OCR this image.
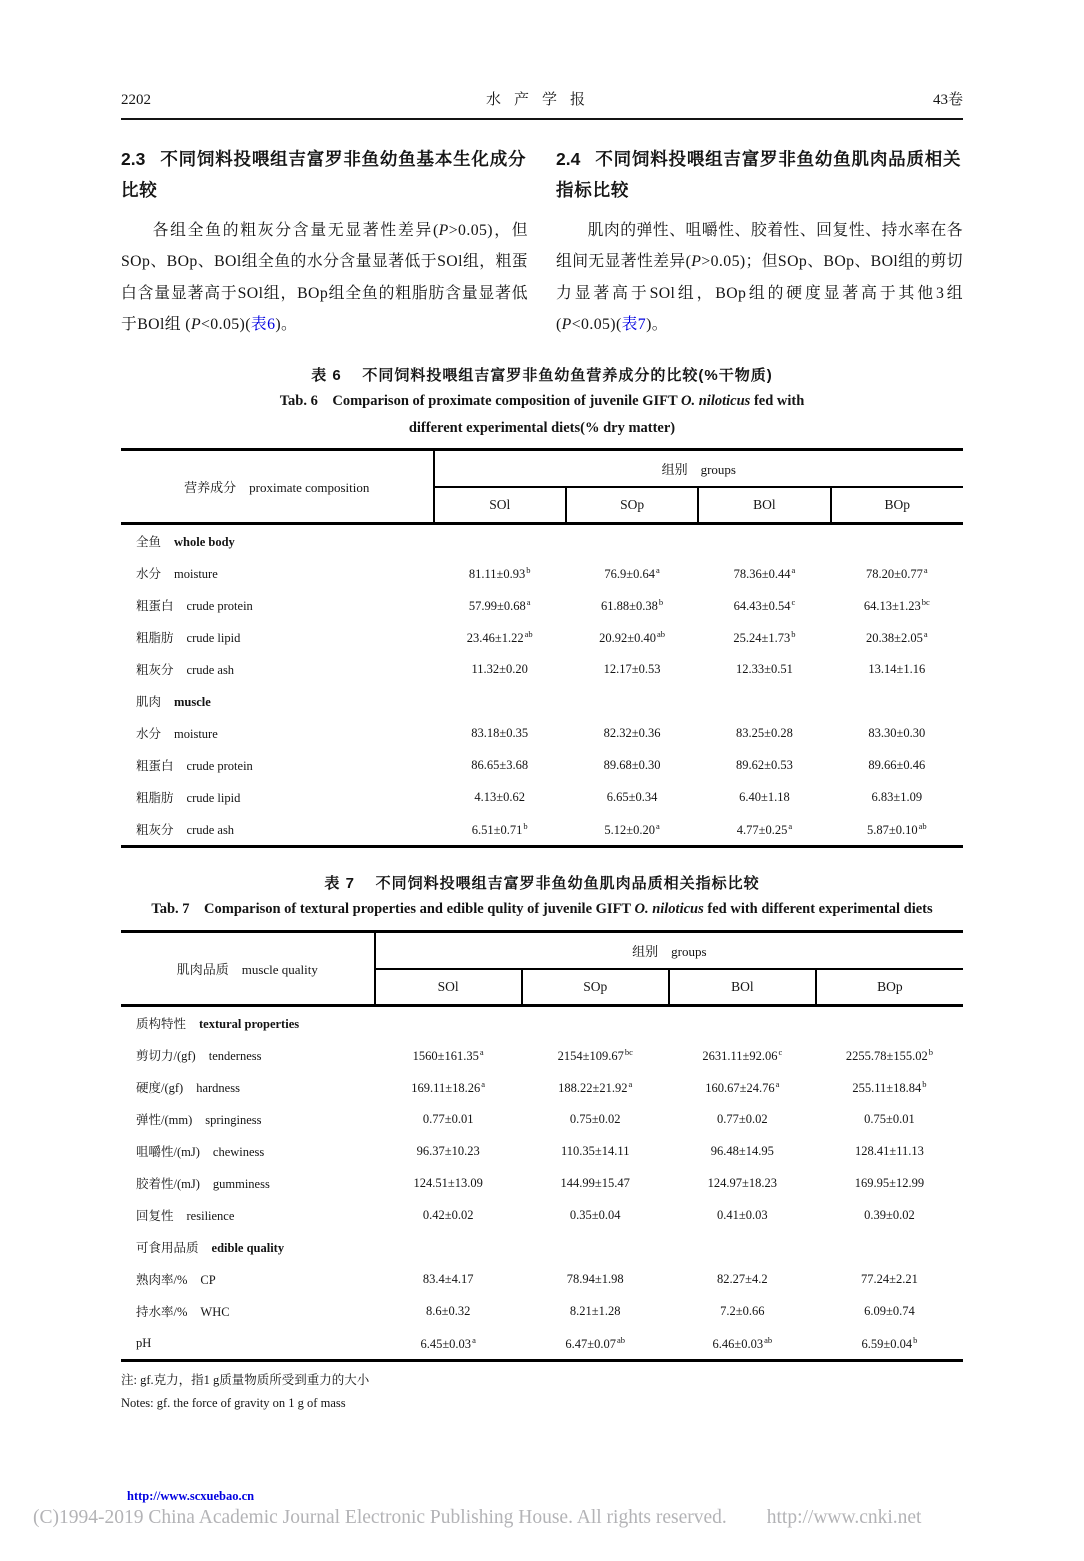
2202	水产学报	43卷
2.3 不同饲料投喂组吉富罗非鱼幼鱼基本生化成分比较

各组全鱼的粗灰分含量无显著性差异(P>0.05)，但SOp、BOp、BOl组全鱼的水分含量显著低于SOl组，粗蛋白含量显著高于SOl组，BOp组全鱼的粗脂肪含量显著低于BOl组 (P<0.05)(表6)。

2.4 不同饲料投喂组吉富罗非鱼幼鱼肌肉品质相关指标比较

肌肉的弹性、咀嚼性、胶着性、回复性、持水率在各组间无显著性差异(P>0.05)；但SOp、BOp、BOl组的剪切力显著高于SOl组，BOp组的硬度显著高于其他3组(P<0.05)(表7)。

表 6    不同饲料投喂组吉富罗非鱼幼鱼营养成分的比较(%干物质)
Tab. 6    Comparison of proximate composition of juvenile GIFT O. niloticus fed with
different experimental diets(% dry matter)
营养成分 proximate composition	组别 groups			
	SOl	SOp	BOl	BOp
全鱼 whole body				
水分 moisture	81.11±0.93$^b$	76.9±0.64$^a$	78.36±0.44$^a$	78.20±0.77$^a$
粗蛋白 crude protein	57.99±0.68$^a$	61.88±0.38$^b$	64.43±0.54$^c$	64.13±1.23$^{bc}$
粗脂肪 crude lipid	23.46±1.22$^{ab}$	20.92±0.40$^{ab}$	25.24±1.73$^b$	20.38±2.05$^a$
粗灰分 crude ash	11.32±0.20	12.17±0.53	12.33±0.51	13.14±1.16
肌肉 muscle				
水分 moisture	83.18±0.35	82.32±0.36	83.25±0.28	83.30±0.30
粗蛋白 crude protein	86.65±3.68	89.68±0.30	89.62±0.53	89.66±0.46
粗脂肪 crude lipid	4.13±0.62	6.65±0.34	6.40±1.18	6.83±1.09
粗灰分 crude ash	6.51±0.71$^b$	5.12±0.20$^a$	4.77±0.25$^a$	5.87±0.10$^{ab}$
表 7    不同饲料投喂组吉富罗非鱼幼鱼肌肉品质相关指标比较
Tab. 7    Comparison of textural properties and edible qulity of juvenile GIFT O. niloticus fed with different experimental diets
肌肉品质 muscle quality	组别 groups			
	SOl	SOp	BOl	BOp
质构特性 textural properties				
剪切力/(gf) tenderness	1560±161.35$^a$	2154±109.67$^{bc}$	2631.11±92.06$^c$	2255.78±155.02$^b$
硬度/(gf) hardness	169.11±18.26$^a$	188.22±21.92$^a$	160.67±24.76$^a$	255.11±18.84$^b$
弹性/(mm) springiness	0.77±0.01	0.75±0.02	0.77±0.02	0.75±0.01
咀嚼性/(mJ) chewiness	96.37±10.23	110.35±14.11	96.48±14.95	128.41±11.13
胶着性/(mJ) gumminess	124.51±13.09	144.99±15.47	124.97±18.23	169.95±12.99
回复性 resilience	0.42±0.02	0.35±0.04	0.41±0.03	0.39±0.02
可食用品质 edible quality				
熟肉率/% CP	83.4±4.17	78.94±1.98	82.27±4.2	77.24±2.21
持水率/% WHC	8.6±0.32	8.21±1.28	7.2±0.66	6.09±0.74
pH	6.45±0.03$^a$	6.47±0.07$^{ab}$	6.46±0.03$^{ab}$	6.59±0.04$^b$
注: gf.克力，指1 g质量物质所受到重力的大小
Notes: gf. the force of gravity on 1 g of mass
http://www.scxuebao.cn
(C)1994-2019 China Academic Journal Electronic Publishing House. All rights reserved. http://www.cnki.net
